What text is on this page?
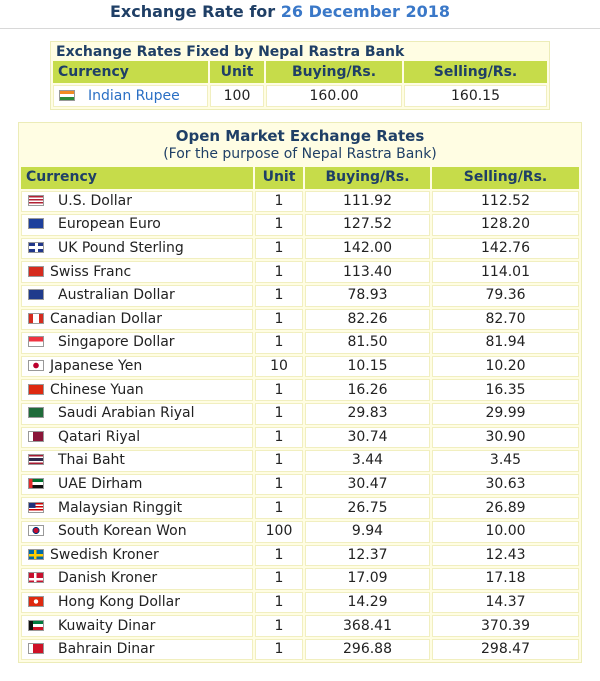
Exchange Rate for 26 December 2018
Exchange Rates Fixed by Nepal Rastra Bank
Currency	Unit	Buying/Rs.	Selling/Rs.
Indian Rupee	100	160.00	160.15
Open Market Exchange Rates
(For the purpose of Nepal Rastra Bank)
Currency	Unit	Buying/Rs.	Selling/Rs.
U.S. Dollar	1	111.92	112.52
European Euro	1	127.52	128.20
UK Pound Sterling	1	142.00	142.76
Swiss Franc	1	113.40	114.01
Australian Dollar	1	78.93	79.36
Canadian Dollar	1	82.26	82.70
Singapore Dollar	1	81.50	81.94
Japanese Yen	10	10.15	10.20
Chinese Yuan	1	16.26	16.35
Saudi Arabian Riyal	1	29.83	29.99
Qatari Riyal	1	30.74	30.90
Thai Baht	1	3.44	3.45
UAE Dirham	1	30.47	30.63
Malaysian Ringgit	1	26.75	26.89
South Korean Won	100	9.94	10.00
Swedish Kroner	1	12.37	12.43
Danish Kroner	1	17.09	17.18
Hong Kong Dollar	1	14.29	14.37
Kuwaity Dinar	1	368.41	370.39
Bahrain Dinar	1	296.88	298.47
